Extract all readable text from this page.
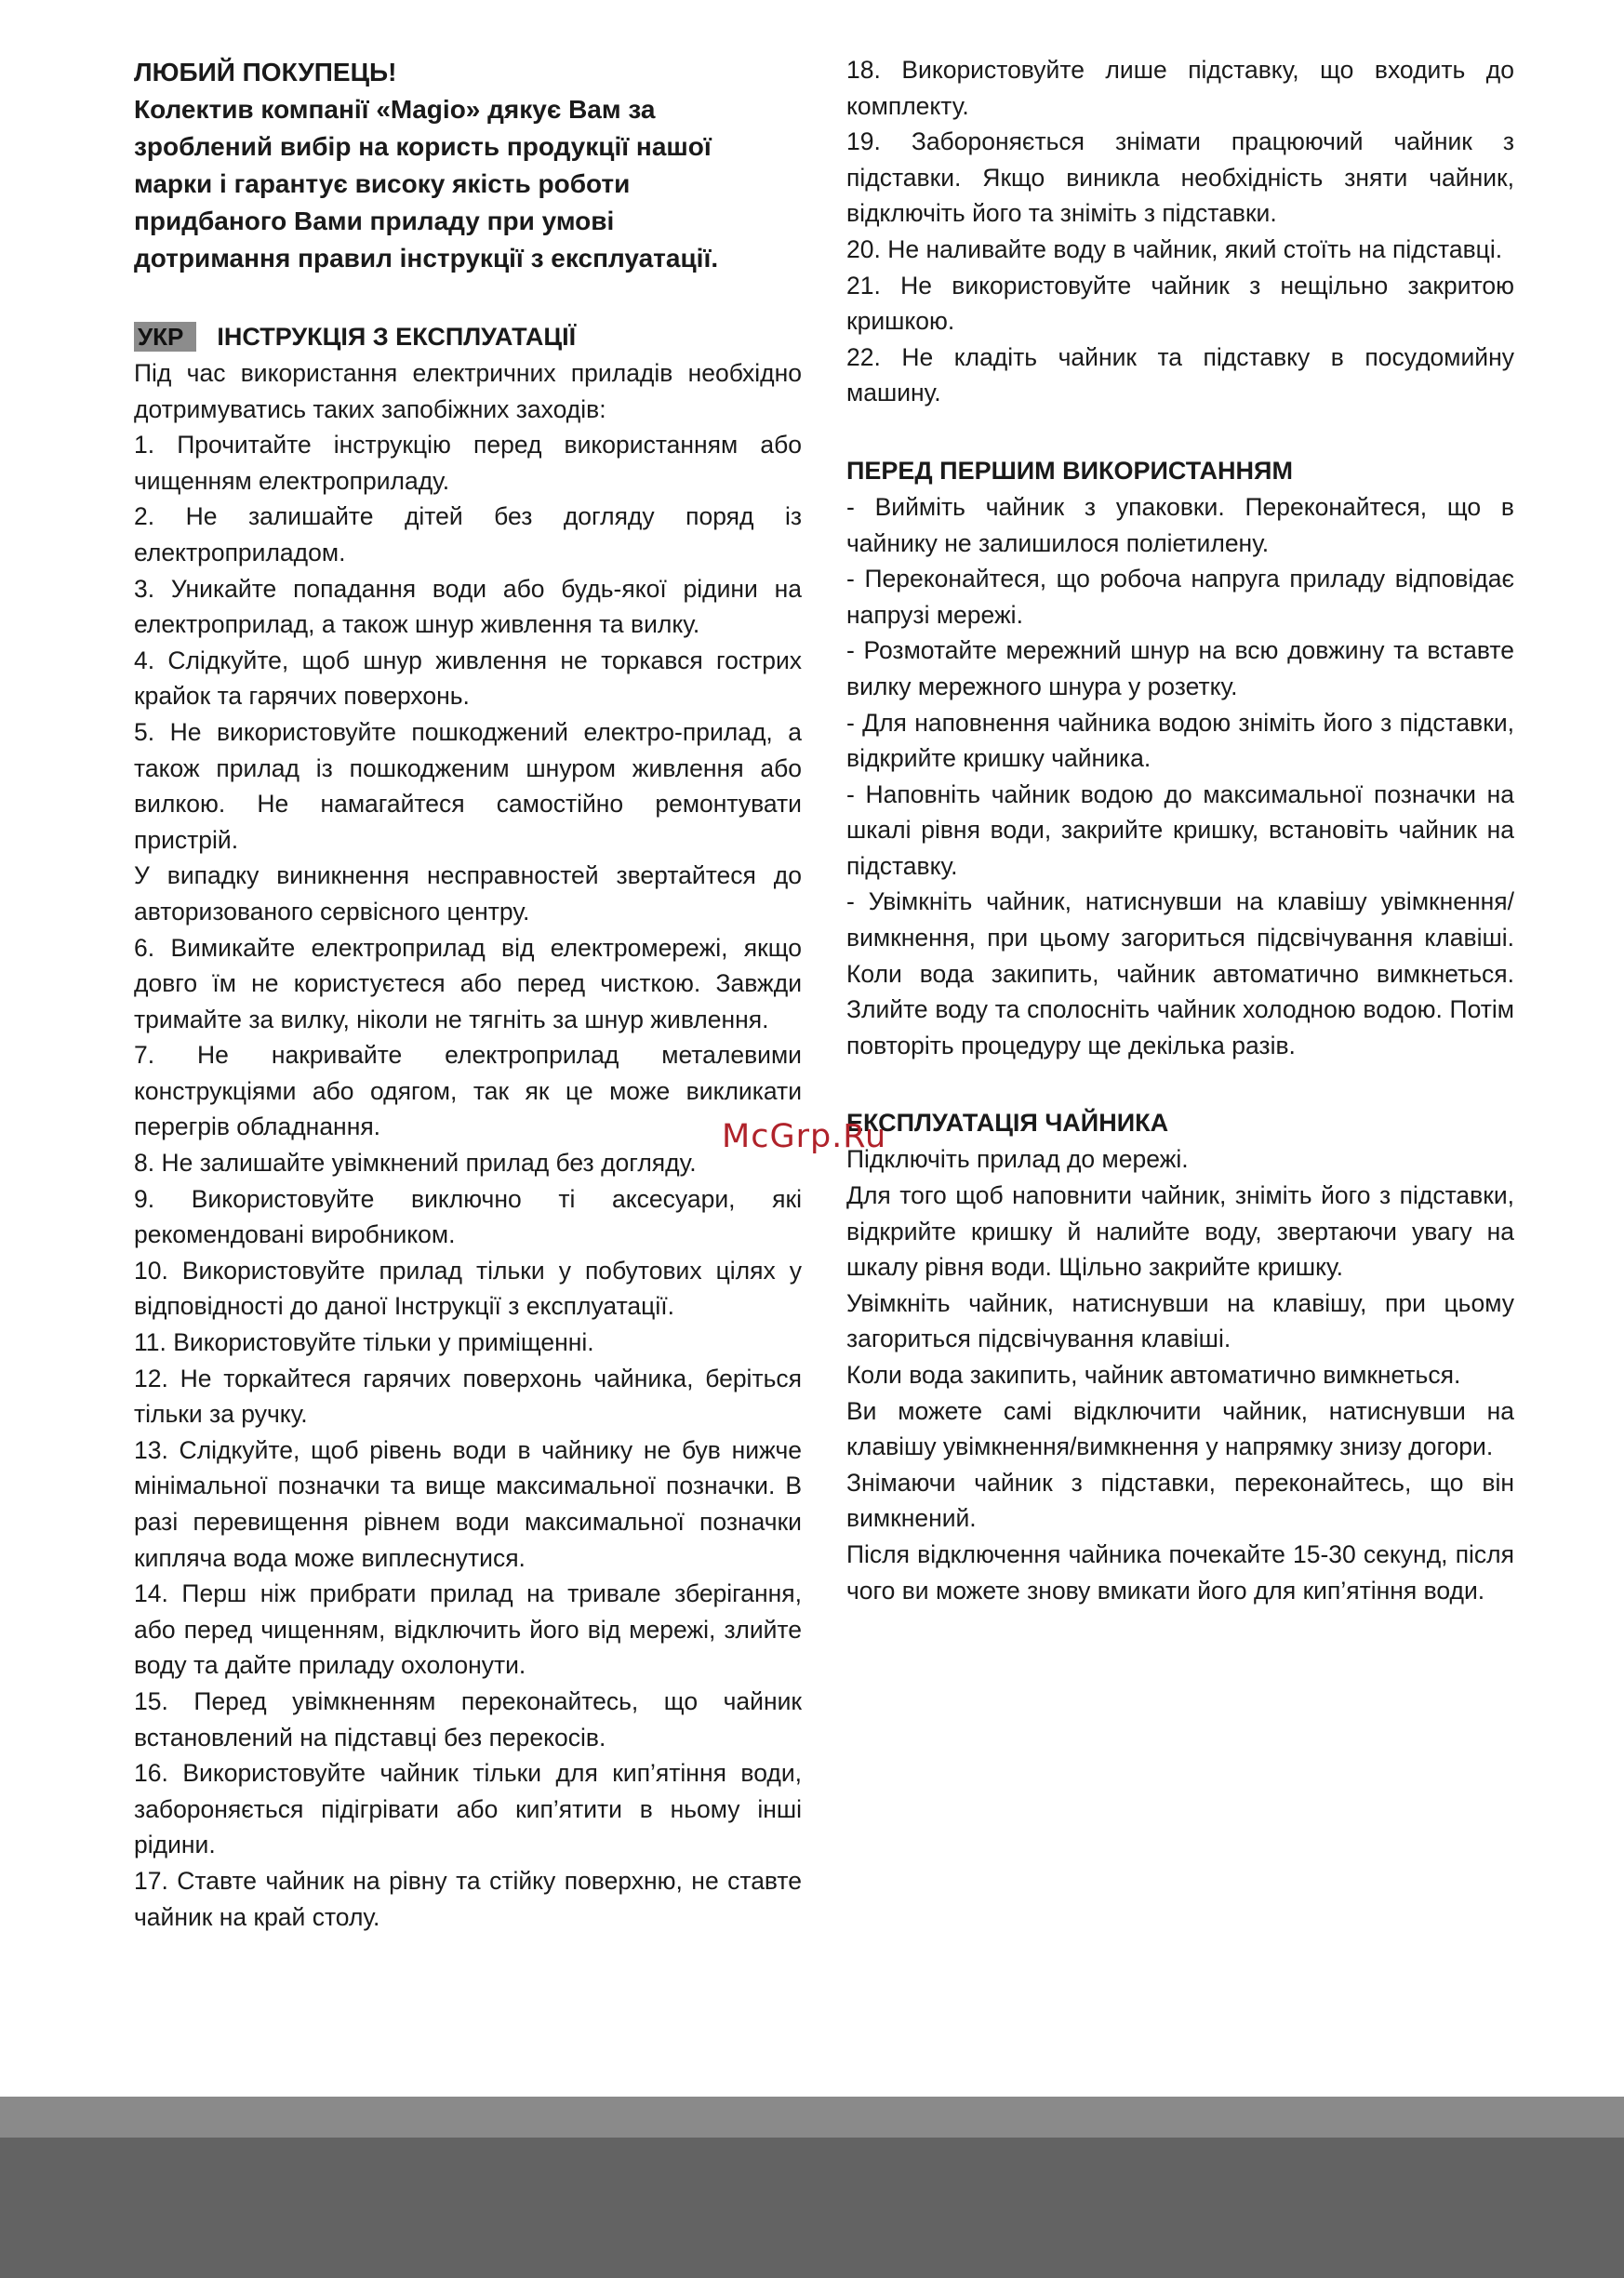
ЛЮБИЙ ПОКУПЕЦЬ!
Колектив компанії «Magio» дякує Вам за
зроблений вибір на користь продукції нашої
марки і гарантує високу якість роботи
придбаного Вами приладу при умові
дотримання правил інструкції з експлуатації.
УКР	ІНСТРУКЦІЯ З ЕКСПЛУАТАЦІЇ

Під час використання електричних приладів необхідно дотримуватись таких запобіжних заходів:

1. Прочитайте інструкцію перед використанням або чищенням електроприладу.

2. Не залишайте дітей без догляду поряд із електроприладом.

3. Уникайте попадання води або будь-якої рідини на електроприлад, а також шнур живлення та вилку.

4. Слідкуйте, щоб шнур живлення не торкався гострих крайок та гарячих поверхонь.

5. Не використовуйте пошкоджений електро-прилад, а також прилад із пошкодженим шнуром живлення або вилкою. Не намагайтеся самостійно ремонтувати пристрій.

У випадку виникнення несправностей звертайтеся до авторизованого сервісного центру.

6. Вимикайте електроприлад від електромережі, якщо довго їм не користуєтеся або перед чисткою. Завжди тримайте за вилку, ніколи не тягніть за шнур живлення.

7. Не накривайте електроприлад металевими конструкціями або одягом, так як це може викликати перегрів обладнання.

8. Не залишайте увімкнений прилад без догляду.

9. Використовуйте виключно ті аксесуари, які рекомендовані виробником.

10. Використовуйте прилад тільки у побутових цілях у відповідності до даної Інструкції з експлуатації.

11. Використовуйте тільки у приміщенні.

12. Не торкайтеся гарячих поверхонь чайника, беріться тільки за ручку.

13. Слідкуйте, щоб рівень води в чайнику не був нижче мінімальної позначки та вище максимальної позначки. В разі перевищення рівнем води максимальної позначки кипляча вода може виплеснутися.

14. Перш ніж прибрати прилад на тривале зберігання, або перед чищенням, відключить його від мережі, злийте воду та дайте приладу охолонути.

15. Перед увімкненням переконайтесь, що чайник встановлений на підставці без перекосів.

16. Використовуйте чайник тільки для кип’ятіння води, забороняється підігрівати або кип’ятити в ньому інші рідини.

17. Ставте чайник на рівну та стійку поверхню, не ставте чайник на край столу.

18. Використовуйте лише підставку, що входить до комплекту.

19. Забороняється знімати працюючий чайник з підставки. Якщо виникла необхідність зняти чайник, відключіть його та зніміть з підставки.

20. Не наливайте воду в чайник, який стоїть на підставці.

21. Не використовуйте чайник з нещільно закритою кришкою.

22. Не кладіть чайник та підставку в посудомийну машину.

ПЕРЕД ПЕРШИМ ВИКОРИСТАННЯМ

- Вийміть чайник з упаковки. Переконайтеся, що в чайнику не залишилося поліетилену.

- Переконайтеся, що робоча напруга приладу відповідає напрузі мережі.

- Розмотайте мережний шнур на всю довжину та вставте вилку мережного шнура у розетку.

- Для наповнення чайника водою зніміть його з підставки, відкрийте кришку чайника.

- Наповніть чайник водою до максимальної позначки на шкалі рівня води, закрийте кришку, встановіть чайник на підставку.

- Увімкніть чайник, натиснувши на клавішу увімкнення/вимкнення, при цьому загориться підсвічування клавіші. Коли вода закипить, чайник автоматично вимкнеться. Злийте воду та сполосніть чайник холодною водою. Потім повторіть процедуру ще декілька разів.

ЕКСПЛУАТАЦІЯ ЧАЙНИКА

Підключіть прилад до мережі.

Для того щоб наповнити чайник, зніміть його з підставки, відкрийте кришку й налийте воду, звертаючи увагу на шкалу рівня води. Щільно закрийте кришку.

Увімкніть чайник, натиснувши на клавішу, при цьому загориться підсвічування клавіші.

Коли вода закипить, чайник автоматично вимкнеться.

Ви можете самі відключити чайник, натиснувши на клавішу увімкнення/вимкнення у напрямку знизу догори.

Знімаючи чайник з підставки, переконайтесь, що він вимкнений.

Після відключення чайника почекайте 15-30 секунд, після чого ви можете знову вмикати його для кип’ятіння води.

McGrp.Ru
